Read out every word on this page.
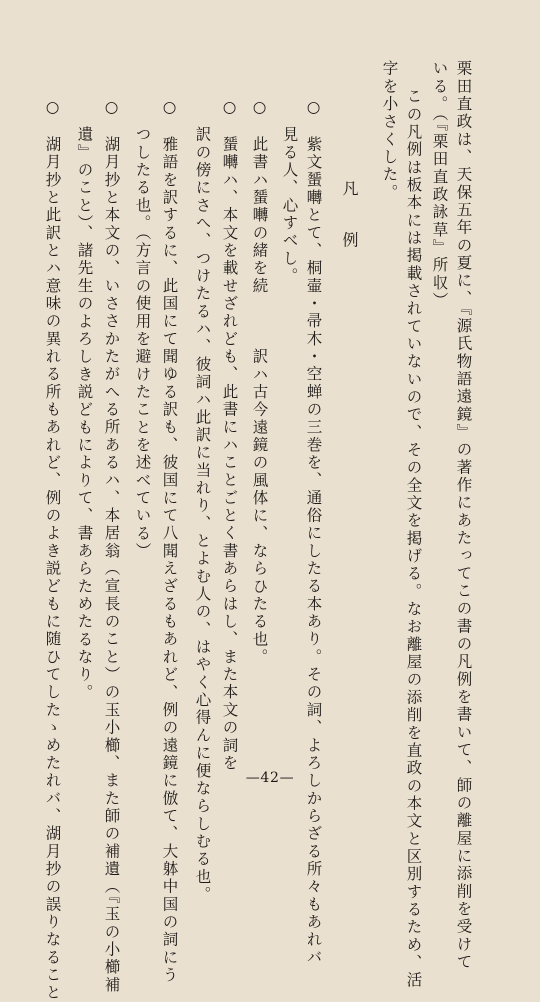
栗田直政は、天保五年の夏に、『源氏物語遠鏡』の著作にあたってこの書の凡例を書いて、師の離屋に添削を受けて
いる。（『栗田直政詠草』所収）
この凡例は板本には掲載されていないので、その全文を掲げる。なお離屋の添削を直政の本文と区別するため、活
字を小さくした。
凡例
○　紫文蜑囀とて、桐壷・帚木・空蝉の三巻を、通俗にしたる本あり。その詞、よろしからざる所々もあれバ
見る人、心すべし。
○　此書ハ蜑囀の緒を続
訳ハ古今遠鏡の風体に、ならひたる也。
○　蜑囀ハ、本文を載せざれども、此書にハことごとく書あらはし、また本文の詞を
訳の傍にさへ、つけたるハ、彼詞ハ此訳に当れり、とよむ人の、はやく心得んに便ならしむる也。
○　雅語を訳するに、此国にて聞ゆる訳も、彼国にて八聞えざるもあれど、例の遠鏡に倣て、大躰中国の詞にう
つしたる也。（方言の使用を避けたことを述べている）
○　湖月抄と本文の、いささかたがへる所あるハ、本居翁（宣長のこと）の玉小櫛、また師の補遺（『玉の小櫛補
遺』のこと）、諸先生のよろしき説どもによりて、書あらためたるなり。
○　湖月抄と此訳とハ意味の異れる所もあれど、例のよき説どもに随ひてしたゝめたれバ、湖月抄の誤りなること	—42—
